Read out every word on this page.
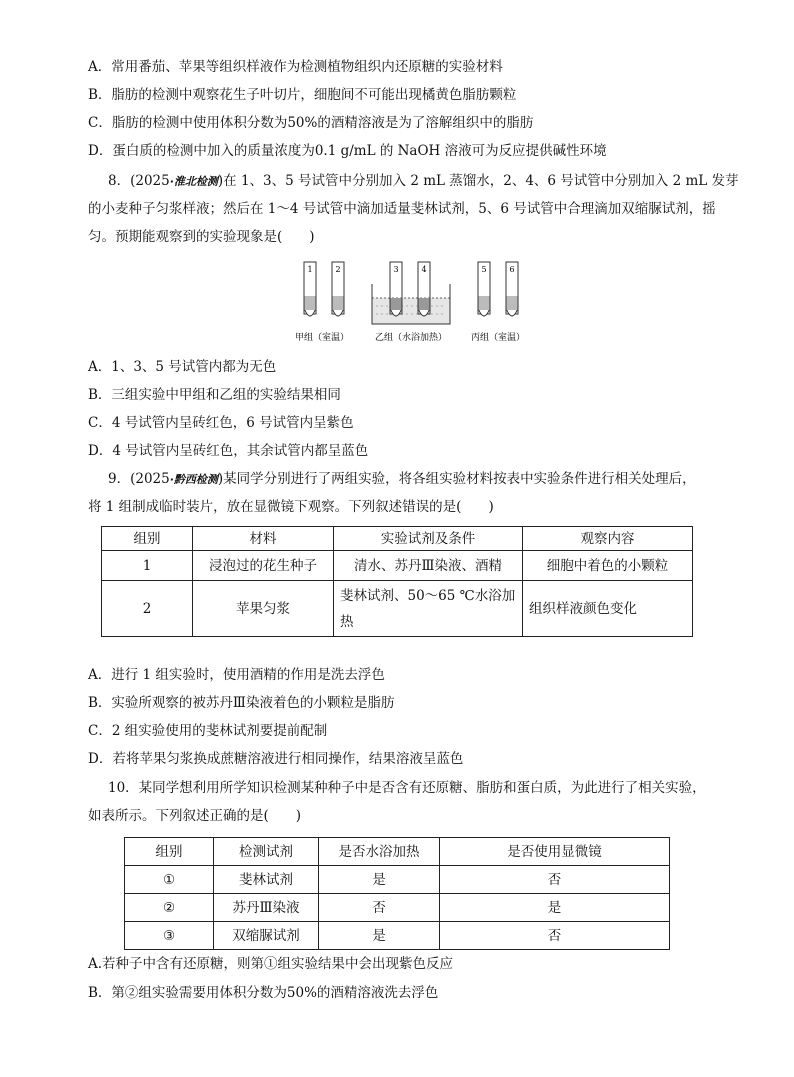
A．常用番茄、苹果等组织样液作为检测植物组织内还原糖的实验材料
B．脂肪的检测中观察花生子叶切片，细胞间不可能出现橘黄色脂肪颗粒
C．脂肪的检测中使用体积分数为50%的酒精溶液是为了溶解组织中的脂肪
D．蛋白质的检测中加入的质量浓度为0.1 g/mL 的 NaOH 溶液可为反应提供碱性环境
8．(2025·淮北检测)在 1、3、5 号试管中分别加入 2 mL 蒸馏水，2、4、6 号试管中分别加入 2 mL 发芽
的小麦种子匀浆样液；然后在 1～4 号试管中滴加适量斐林试剂，5、6 号试管中合理滴加双缩脲试剂，摇
匀。预期能观察到的实验现象是(　　)
1	2	3	4	5	6
甲组（室温）	乙组（水浴加热）	丙组（室温）
A．1、3、5 号试管内都为无色
B．三组实验中甲组和乙组的实验结果相同
C．4 号试管内呈砖红色，6 号试管内呈紫色
D．4 号试管内呈砖红色，其余试管内都呈蓝色
9．(2025·黔西检测)某同学分别进行了两组实验，将各组实验材料按表中实验条件进行相关处理后，
将 1 组制成临时装片，放在显微镜下观察。下列叙述错误的是(　　)
组别	材料	实验试剂及条件	观察内容
1	浸泡过的花生种子	清水、苏丹Ⅲ染液、酒精	细胞中着色的小颗粒
2	苹果匀浆	斐林试剂、50～65 ℃水浴加热	组织样液颜色变化
A．进行 1 组实验时，使用酒精的作用是洗去浮色
B．实验所观察的被苏丹Ⅲ染液着色的小颗粒是脂肪
C．2 组实验使用的斐林试剂要提前配制
D．若将苹果匀浆换成蔗糖溶液进行相同操作，结果溶液呈蓝色
10．某同学想利用所学知识检测某种种子中是否含有还原糖、脂肪和蛋白质，为此进行了相关实验，
如表所示。下列叙述正确的是(　　)
组别	检测试剂	是否水浴加热	是否使用显微镜
①	斐林试剂	是	否
②	苏丹Ⅲ染液	否	是
③	双缩脲试剂	是	否
A.若种子中含有还原糖，则第①组实验结果中会出现紫色反应
B．第②组实验需要用体积分数为50%的酒精溶液洗去浮色
